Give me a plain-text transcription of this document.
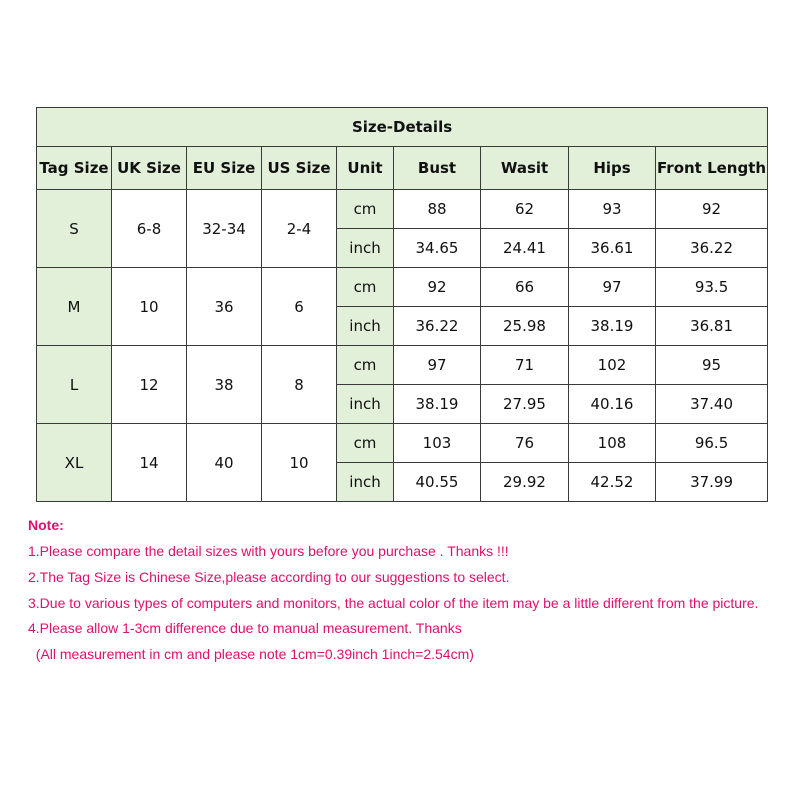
Size-Details								
Tag Size	UK Size	EU Size	US Size	Unit	Bust	Wasit	Hips	Front Length
S	6-8	32-34	2-4	cm	88	62	93	92
				inch	34.65	24.41	36.61	36.22
M	10	36	6	cm	92	66	97	93.5
				inch	36.22	25.98	38.19	36.81
L	12	38	8	cm	97	71	102	95
				inch	38.19	27.95	40.16	37.40
XL	14	40	10	cm	103	76	108	96.5
				inch	40.55	29.92	42.52	37.99
Note:
1.Please compare the detail sizes with yours before you purchase . Thanks !!!
2.The Tag Size is Chinese Size,please according to our suggestions to select.
3.Due to various types of computers and monitors, the actual color of the item may be a little different from the picture.
4.Please allow 1-3cm difference due to manual measurement. Thanks
(All measurement in cm and please note 1cm=0.39inch 1inch=2.54cm)
